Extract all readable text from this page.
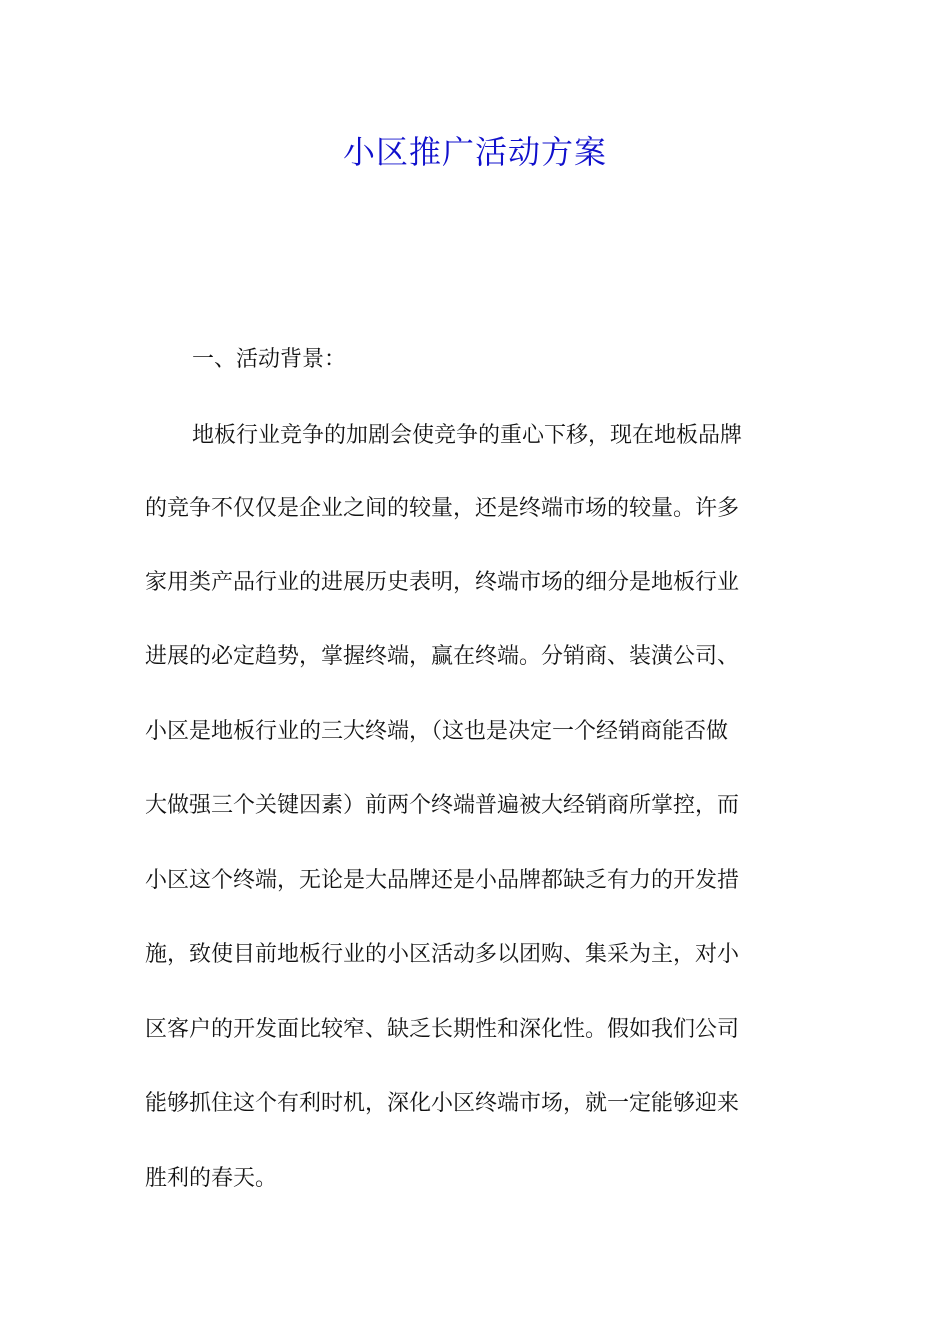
小区推广活动方案
一、活动背景：

地板行业竞争的加剧会使竞争的重心下移，现在地板品牌

的竞争不仅仅是企业之间的较量，还是终端市场的较量。许多

家用类产品行业的进展历史表明，终端市场的细分是地板行业

进展的必定趋势，掌握终端，赢在终端。分销商、装潢公司、

小区是地板行业的三大终端，（这也是决定一个经销商能否做

大做强三个关键因素）前两个终端普遍被大经销商所掌控，而

小区这个终端，无论是大品牌还是小品牌都缺乏有力的开发措

施，致使目前地板行业的小区活动多以团购、集采为主，对小

区客户的开发面比较窄、缺乏长期性和深化性。假如我们公司

能够抓住这个有利时机，深化小区终端市场，就一定能够迎来

胜利的春天。
